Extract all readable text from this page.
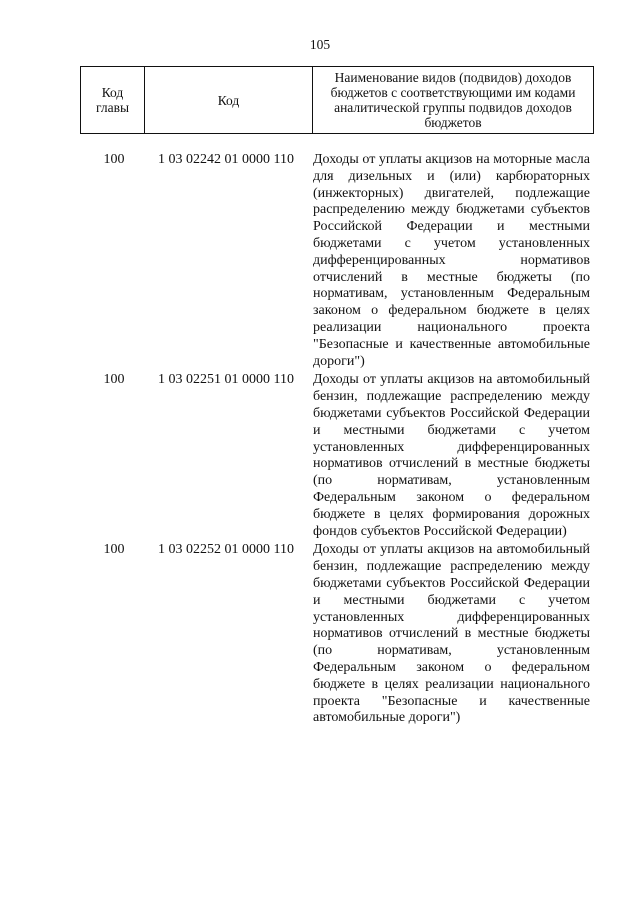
105
Код главы	Код	Наименование видов (подвидов) доходов бюджетов с соответствующими им кодами аналитической группы подвидов доходов бюджетов
100	1 03 02242 01 0000 110	Доходы от уплаты акцизов на моторные масла для дизельных и (или) карбюраторных (инжекторных) двигателей, подлежащие распределению между бюджетами субъектов Российской Федерации и местными бюджетами с учетом установленных дифференцированных нормативов отчислений в местные бюджеты (по нормативам, установленным Федеральным законом о федеральном бюджете в целях реализации национального проекта "Безопасные и качественные автомобильные дороги")
100	1 03 02251 01 0000 110	Доходы от уплаты акцизов на автомобильный бензин, подлежащие распределению между бюджетами субъектов Российской Федерации и местными бюджетами с учетом установленных дифференцированных нормативов отчислений в местные бюджеты (по нормативам, установленным Федеральным законом о федеральном бюджете в целях формирования дорожных фондов субъектов Российской Федерации)
100	1 03 02252 01 0000 110	Доходы от уплаты акцизов на автомобильный бензин, подлежащие распределению между бюджетами субъектов Российской Федерации и местными бюджетами с учетом установленных дифференцированных нормативов отчислений в местные бюджеты (по нормативам, установленным Федеральным законом о федеральном бюджете в целях реализации национального проекта "Безопасные и качественные автомобильные дороги")
